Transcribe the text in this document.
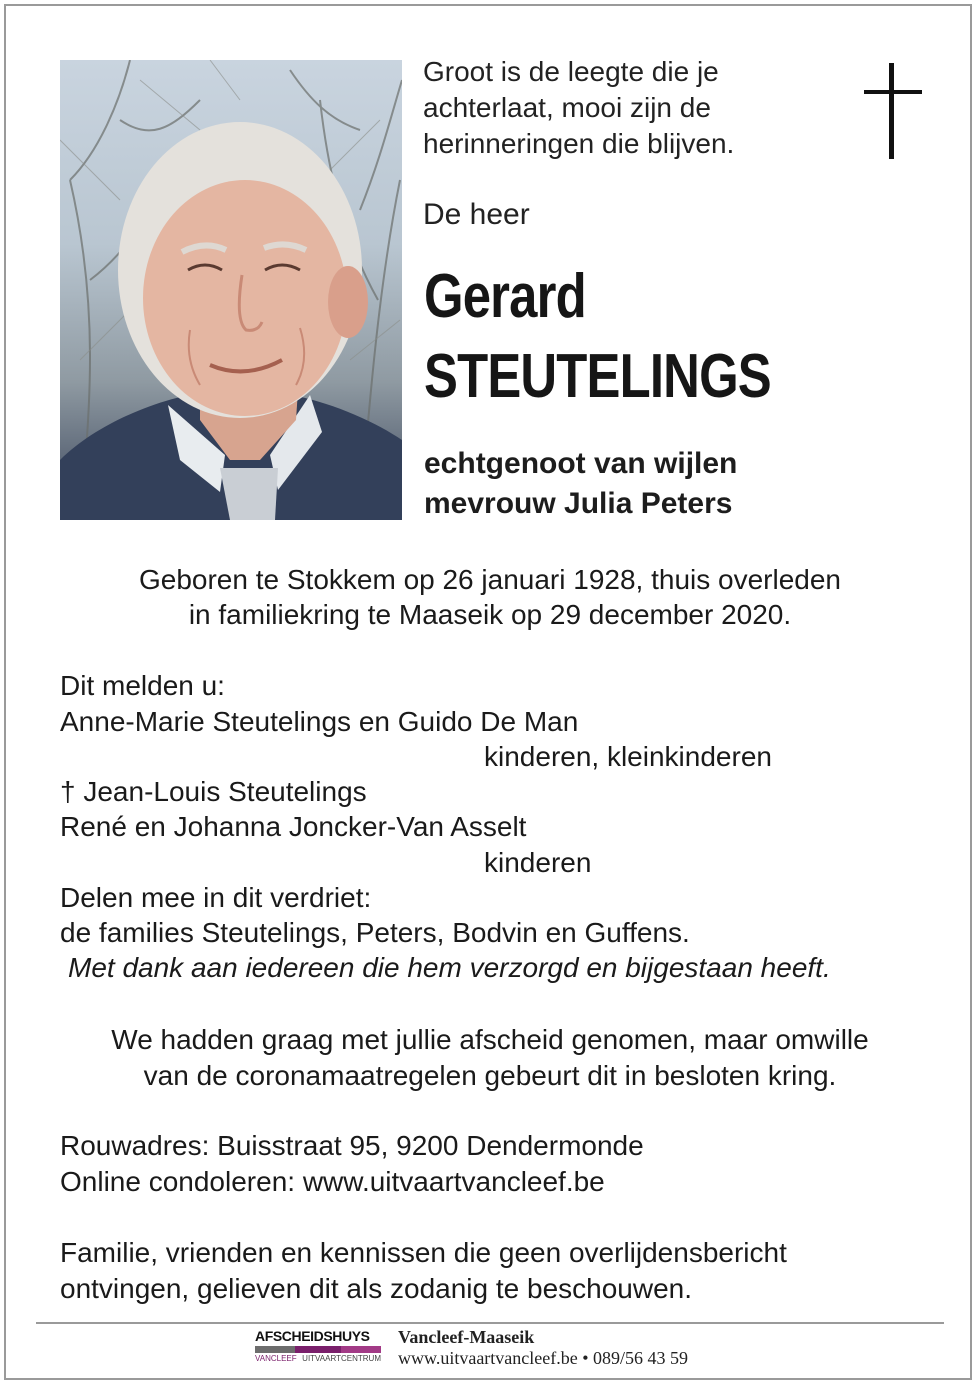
Groot is de leegte die je
achterlaat, mooi zijn de
herinneringen die blijven.

De heer

Gerard

STEUTELINGS

echtgenoot van wijlen
mevrouw Julia Peters

Geboren te Stokkem op 26 januari 1928, thuis overleden
in familiekring te Maaseik op 29 december 2020.

Dit melden u:

Anne-Marie Steutelings en Guido De Man

kinderen, kleinkinderen

† Jean-Louis Steutelings

René en Johanna Joncker-Van Asselt

kinderen

Delen mee in dit verdriet:

de families Steutelings, Peters, Bodvin en Guffens.

Met dank aan iedereen die hem verzorgd en bijgestaan heeft.

We hadden graag met jullie afscheid genomen, maar omwille
van de coronamaatregelen gebeurt dit in besloten kring.

Rouwadres: Buisstraat 95, 9200 Dendermonde

Online condoleren: www.uitvaartvancleef.be

Familie, vrienden en kennissen die geen overlijdensbericht

ontvingen, gelieven dit als zodanig te beschouwen.

AFSCHEIDSHUYS
VANCLEEF UITVAARTCENTRUM

Vancleef-Maaseik

www.uitvaartvancleef.be • 089/56 43 59
